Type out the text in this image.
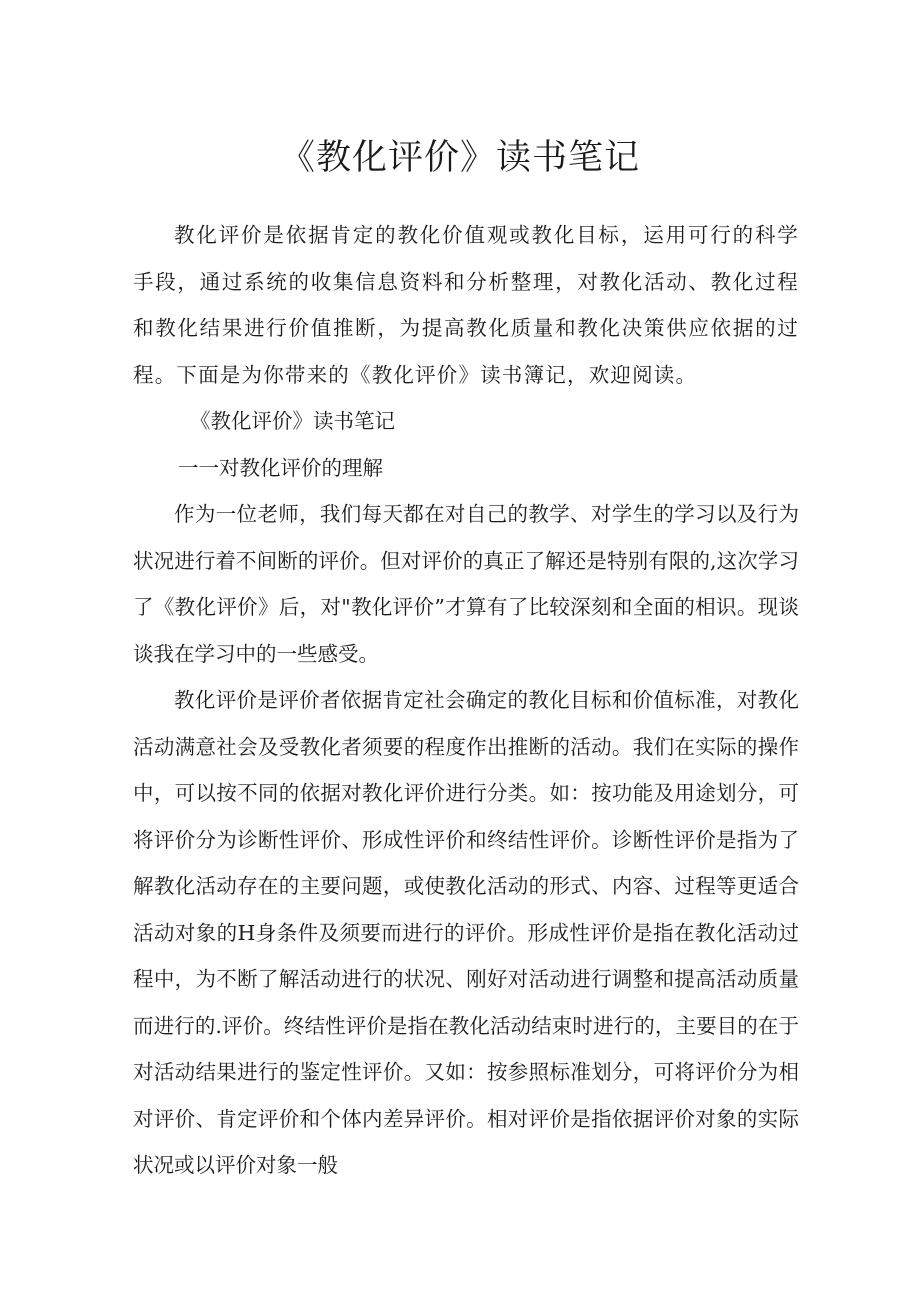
《教化评价》读书笔记

教化评价是依据肯定的教化价值观或教化目标，运用可行的科学手段，通过系统的收集信息资料和分析整理，对教化活动、教化过程和教化结果进行价值推断，为提高教化质量和教化决策供应依据的过程。下面是为你带来的《教化评价》读书簿记，欢迎阅读。

《教化评价》读书笔记

一一对教化评价的理解

作为一位老师，我们每天都在对自己的教学、对学生的学习以及行为状况进行着不间断的评价。但对评价的真正了解还是特别有限的,这次学习了《教化评价》后，对"教化评价”才算有了比较深刻和全面的相识。现谈谈我在学习中的一些感受。

教化评价是评价者依据肯定社会确定的教化目标和价值标准，对教化活动满意社会及受教化者须要的程度作出推断的活动。我们在实际的操作中，可以按不同的依据对教化评价进行分类。如：按功能及用途划分，可将评价分为诊断性评价、形成性评价和终结性评价。诊断性评价是指为了解教化活动存在的主要问题，或使教化活动的形式、内容、过程等更适合活动对象的H身条件及须要而进行的评价。形成性评价是指在教化活动过程中，为不断了解活动进行的状况、刚好对活动进行调整和提高活动质量而进行的.评价。终结性评价是指在教化活动结束时进行的，主要目的在于对活动结果进行的鉴定性评价。又如：按参照标准划分，可将评价分为相对评价、肯定评价和个体内差异评价。相对评价是指依据评价对象的实际状况或以评价对象一般
